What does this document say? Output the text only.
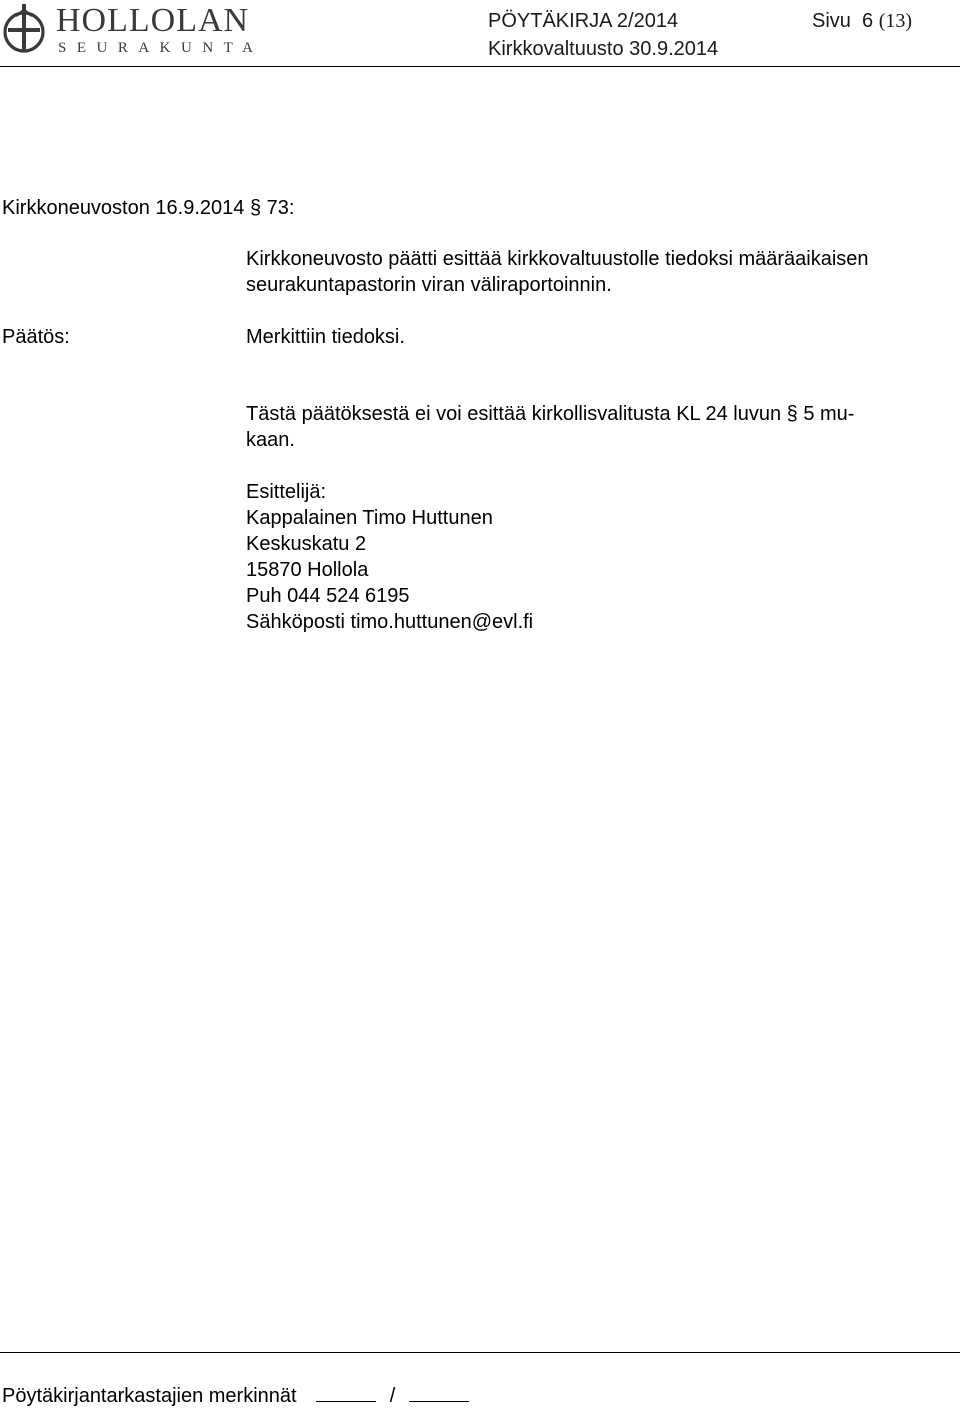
HOLLOLAN
SEURAKUNTA
PÖYTÄKIRJA 2/2014	Sivu 6 (13)
Kirkkovaltuusto 30.9.2014
Kirkkoneuvoston 16.9.2014 § 73:
Kirkkoneuvosto päätti esittää kirkkovaltuustolle tiedoksi määräaikaisen
seurakuntapastorin viran väliraportoinnin.
Päätös:	Merkittiin tiedoksi.
Tästä päätöksestä ei voi esittää kirkollisvalitusta KL 24 luvun § 5 mu-
kaan.
Esittelijä:
Kappalainen Timo Huttunen
Keskuskatu 2
15870 Hollola
Puh 044 524 6195
Sähköposti timo.huttunen@evl.fi
Pöytäkirjantarkastajien merkinnät	/
